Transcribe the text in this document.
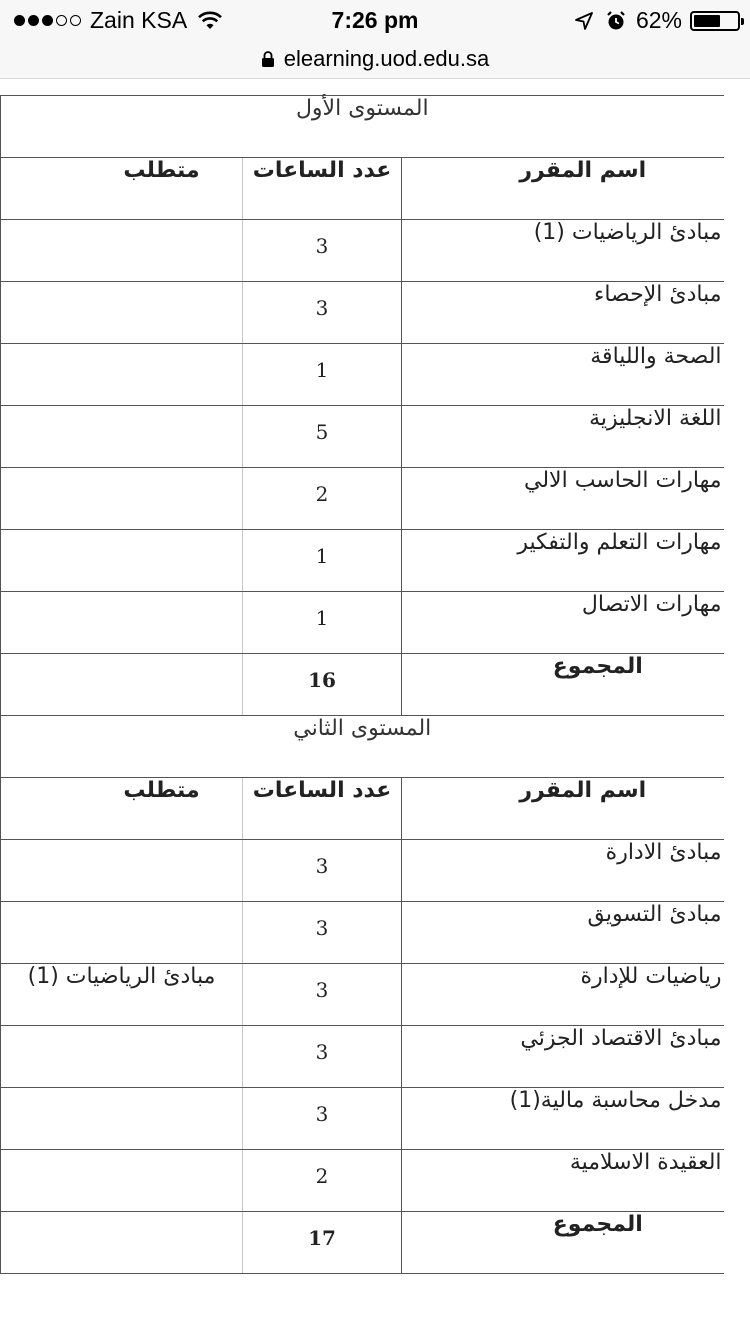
Zain KSA	7:26 pm	62%
elearning.uod.edu.sa
المستوى الأول		
اسم المقرر	عدد الساعات	متطلب
مبادئ الرياضيات (1)	3	
مبادئ الإحصاء	3	
الصحة واللياقة	1	
اللغة الانجليزية	5	
مهارات الحاسب الالي	2	
مهارات التعلم والتفكير	1	
مهارات الاتصال	1	
المجموع	16	
المستوى الثاني		
اسم المقرر	عدد الساعات	متطلب
مبادئ الادارة	3	
مبادئ التسويق	3	
رياضيات للإدارة	3	مبادئ الرياضيات (1)
مبادئ الاقتصاد الجزئي	3	
مدخل محاسبة مالية(1)	3	
العقيدة الاسلامية	2	
المجموع	17	
